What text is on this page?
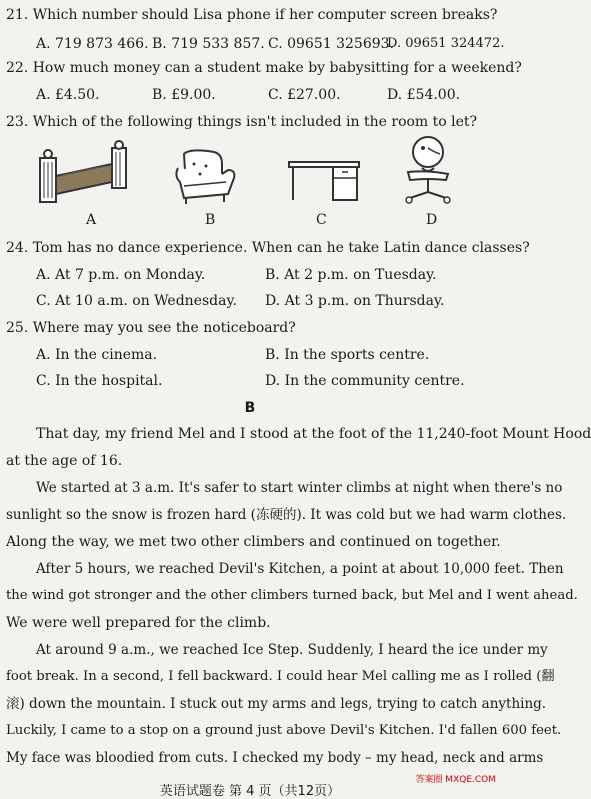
21. Which number should Lisa phone if her computer screen breaks?
A. 719 873 466. B. 719 533 857. C. 09651 325693.
D. 09651 324472.
22. How much money can a student make by babysitting for a weekend?
A. £4.50.	B. £9.00.	C. £27.00.	D. £54.00.
23. Which of the following things isn't included in the room to let?
A	B	C	D
24. Tom has no dance experience. When can he take Latin dance classes?
A. At 7 p.m. on Monday.	B. At 2 p.m. on Tuesday.
C. At 10 a.m. on Wednesday. D. At 3 p.m. on Thursday.
25. Where may you see the noticeboard?
A. In the cinema.	B. In the sports centre.
C. In the hospital.	D. In the community centre.
B
That day, my friend Mel and I stood at the foot of the 11,240-foot Mount Hood
at the age of 16.
We started at 3 a.m. It's safer to start winter climbs at night when there's no
sunlight so the snow is frozen hard (冻硬的). It was cold but we had warm clothes.
Along the way, we met two other climbers and continued on together.
After 5 hours, we reached Devil's Kitchen, a point at about 10,000 feet. Then
the wind got stronger and the other climbers turned back, but Mel and I went ahead.
We were well prepared for the climb.
At around 9 a.m., we reached Ice Step. Suddenly, I heard the ice under my
foot break. In a second, I fell backward. I could hear Mel calling me as I rolled (翻
滚) down the mountain. I stuck out my arms and legs, trying to catch anything.
Luckily, I came to a stop on a ground just above Devil's Kitchen. I'd fallen 600 feet.
My face was bloodied from cuts. I checked my body – my head, neck and arms
英语试题卷 第 4 页（共12页）
答案圈 MXQE.COM
